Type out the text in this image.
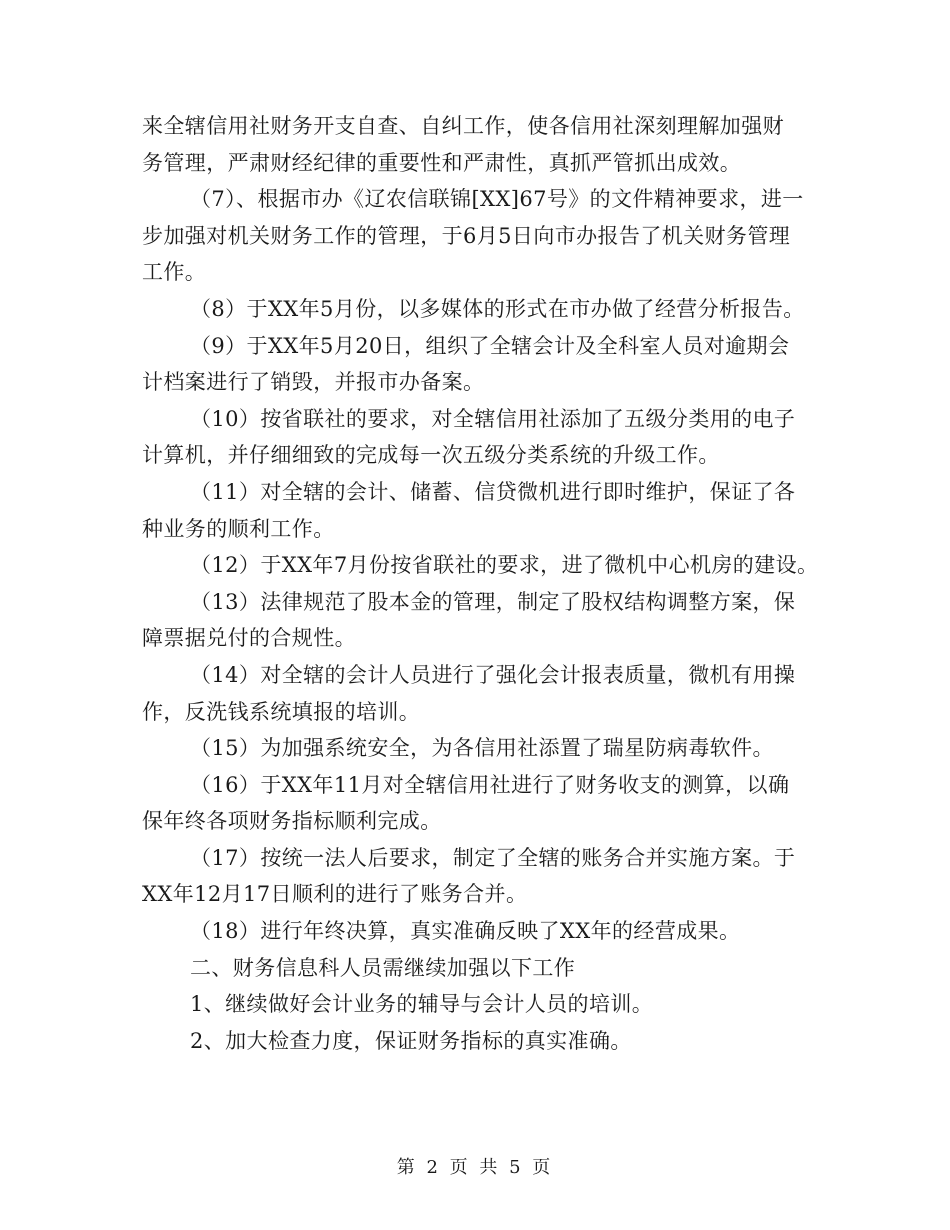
来全辖信用社财务开支自查、自纠工作，使各信用社深刻理解加强财
务管理，严肃财经纪律的重要性和严肃性，真抓严管抓出成效。
（7）、根据市办《辽农信联锦[XX]67号》的文件精神要求，进一
步加强对机关财务工作的管理，于6月5日向市办报告了机关财务管理
工作。
（8）于XX年5月份，以多媒体的形式在市办做了经营分析报告。
（9）于XX年5月20日，组织了全辖会计及全科室人员对逾期会
计档案进行了销毁，并报市办备案。
（10）按省联社的要求，对全辖信用社添加了五级分类用的电子
计算机，并仔细细致的完成每一次五级分类系统的升级工作。
（11）对全辖的会计、储蓄、信贷微机进行即时维护，保证了各
种业务的顺利工作。
（12）于XX年7月份按省联社的要求，进了微机中心机房的建设。
（13）法律规范了股本金的管理，制定了股权结构调整方案，保
障票据兑付的合规性。
（14）对全辖的会计人员进行了强化会计报表质量，微机有用操
作，反洗钱系统填报的培训。
（15）为加强系统安全，为各信用社添置了瑞星防病毒软件。
（16）于XX年11月对全辖信用社进行了财务收支的测算，以确
保年终各项财务指标顺利完成。
（17）按统一法人后要求，制定了全辖的账务合并实施方案。于
XX年12月17日顺利的进行了账务合并。
（18）进行年终决算，真实准确反映了XX年的经营成果。
二、财务信息科人员需继续加强以下工作
1、继续做好会计业务的辅导与会计人员的培训。
2、加大检查力度，保证财务指标的真实准确。
第 2 页 共 5 页
